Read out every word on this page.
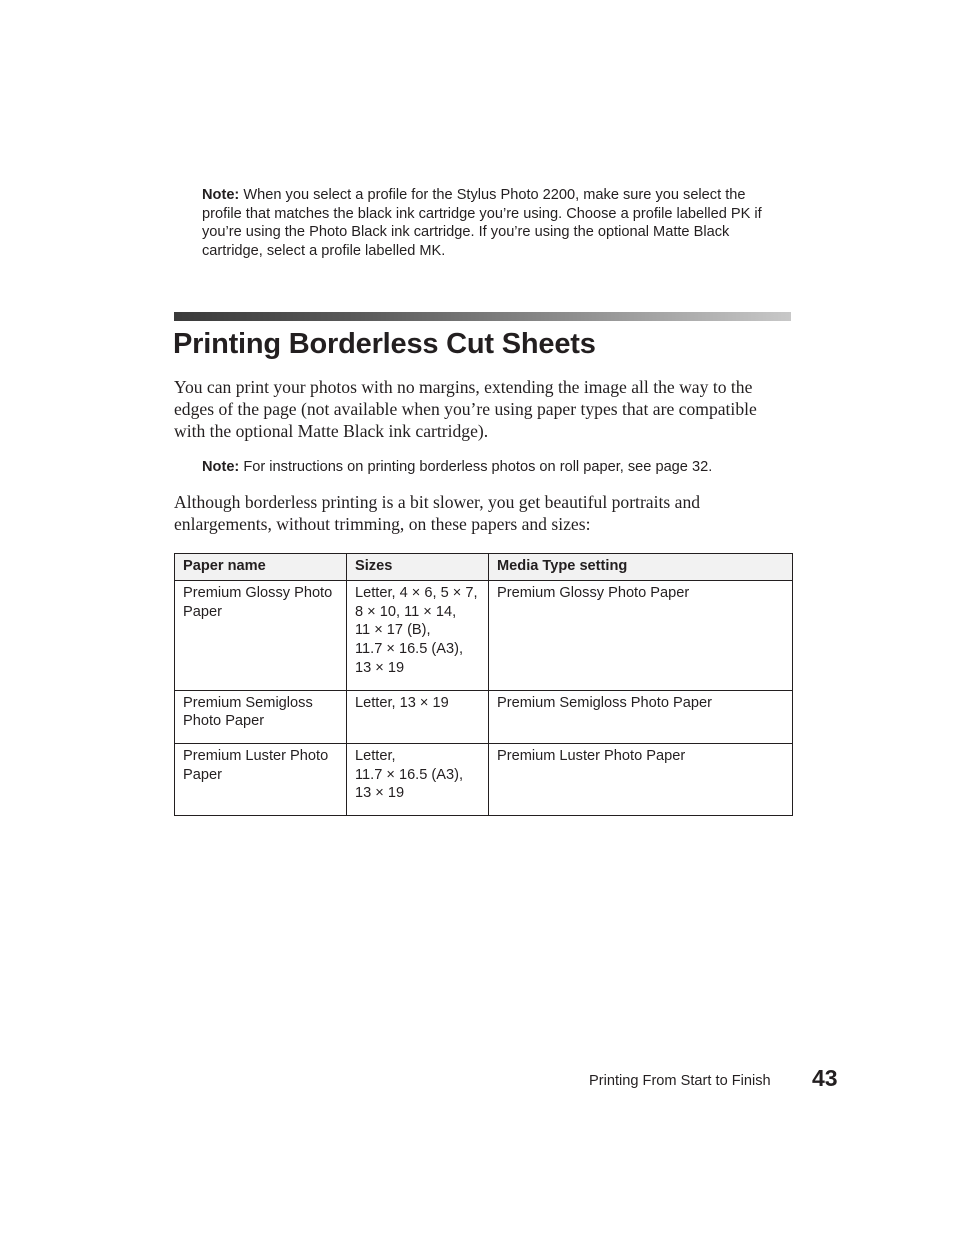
Note: When you select a profile for the Stylus Photo 2200, make sure you select the profile that matches the black ink cartridge you’re using. Choose a profile labelled PK if you’re using the Photo Black ink cartridge. If you’re using the optional Matte Black cartridge, select a profile labelled MK.
Printing Borderless Cut Sheets
You can print your photos with no margins, extending the image all the way to the edges of the page (not available when you’re using paper types that are compatible with the optional Matte Black ink cartridge).
Note: For instructions on printing borderless photos on roll paper, see page 32.
Although borderless printing is a bit slower, you get beautiful portraits and enlargements, without trimming, on these papers and sizes:
Paper name	Sizes	Media Type setting
Premium Glossy Photo Paper	Letter, 4 × 6, 5 × 7,
8 × 10, 11 × 14,
11 × 17 (B),
11.7 × 16.5 (A3),
13 × 19	Premium Glossy Photo Paper
Premium Semigloss Photo Paper	Letter, 13 × 19	Premium Semigloss Photo Paper
Premium Luster Photo Paper	Letter,
11.7 × 16.5 (A3),
13 × 19	Premium Luster Photo Paper
Printing From Start to Finish 43
